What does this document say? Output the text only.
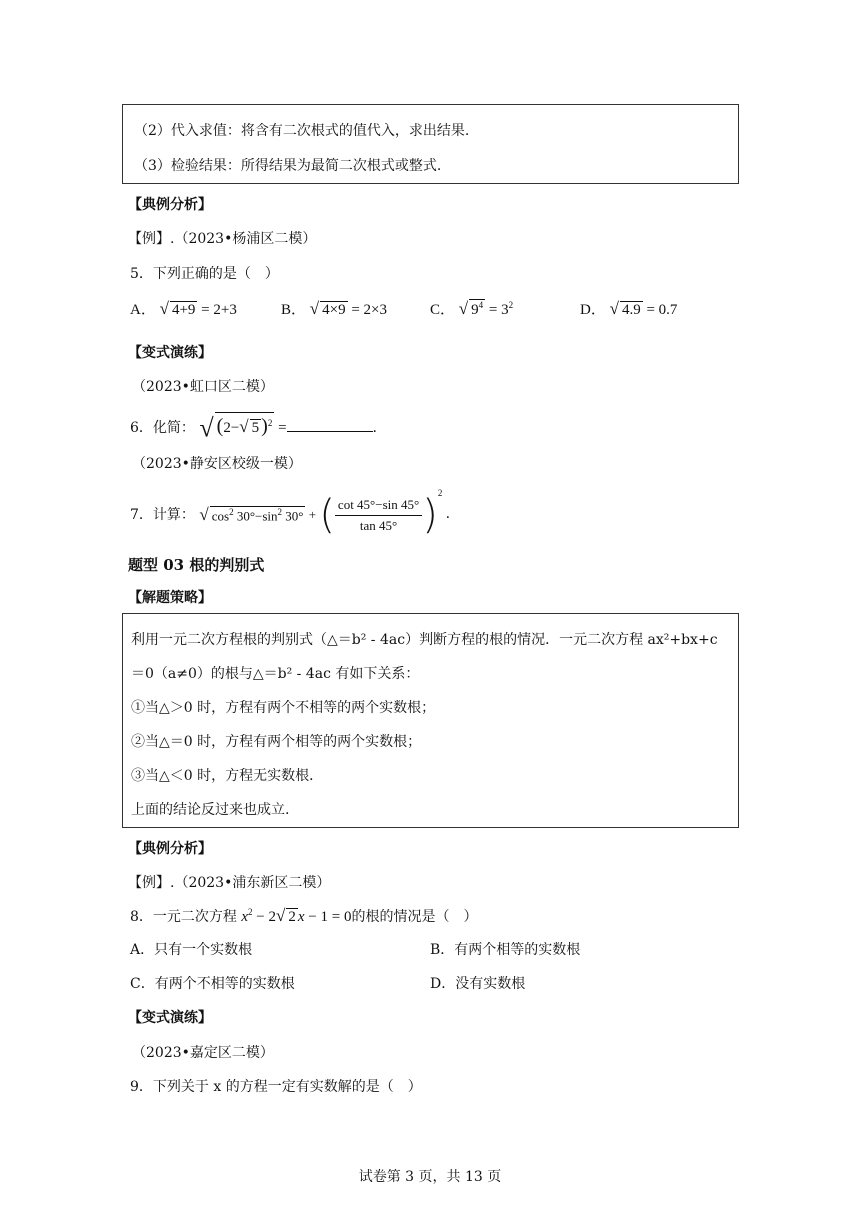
（2）代入求值：将含有二次根式的值代入，求出结果.
（3）检验结果：所得结果为最简二次根式或整式.
【典例分析】
【例】.（2023•杨浦区二模）
5．下列正确的是（　）
A． √ 4+9 = 2+3	B． √ 4×9 = 2×3	C． √ $9^4 = 3^2$	D． √ 4.9 = 0.7
【变式演练】
（2023•虹口区二模）
6．化简： √ (2−√ 5 )$^2$ =	.
（2023•静安区校级一模）
7．计算： √ $\cos^2 30^\circ-\sin^2$ 30° + ( $\frac{\cot 45^\circ-\sin 45^\circ}{\tan 45^\circ} )^2$ .
题型 03 根的判别式
【解题策略】
利用一元二次方程根的判别式（△＝b² - 4ac）判断方程的根的情况．一元二次方程 ax²+bx+c
＝0（a≠0）的根与△＝b² - 4ac 有如下关系：
①当△＞0 时，方程有两个不相等的两个实数根；
②当△＝0 时，方程有两个相等的两个实数根；
③当△＜0 时，方程无实数根．
上面的结论反过来也成立.
【典例分析】
【例】.（2023•浦东新区二模）
8．一元二次方程 $x^2 - 2√$ 2 x − 1 = 0的根的情况是（　）
A．只有一个实数根	B．有两个相等的实数根
C．有两个不相等的实数根	D．没有实数根
【变式演练】
（2023•嘉定区二模）
9．下列关于 x 的方程一定有实数解的是（　）
试卷第 3 页，共 13 页
